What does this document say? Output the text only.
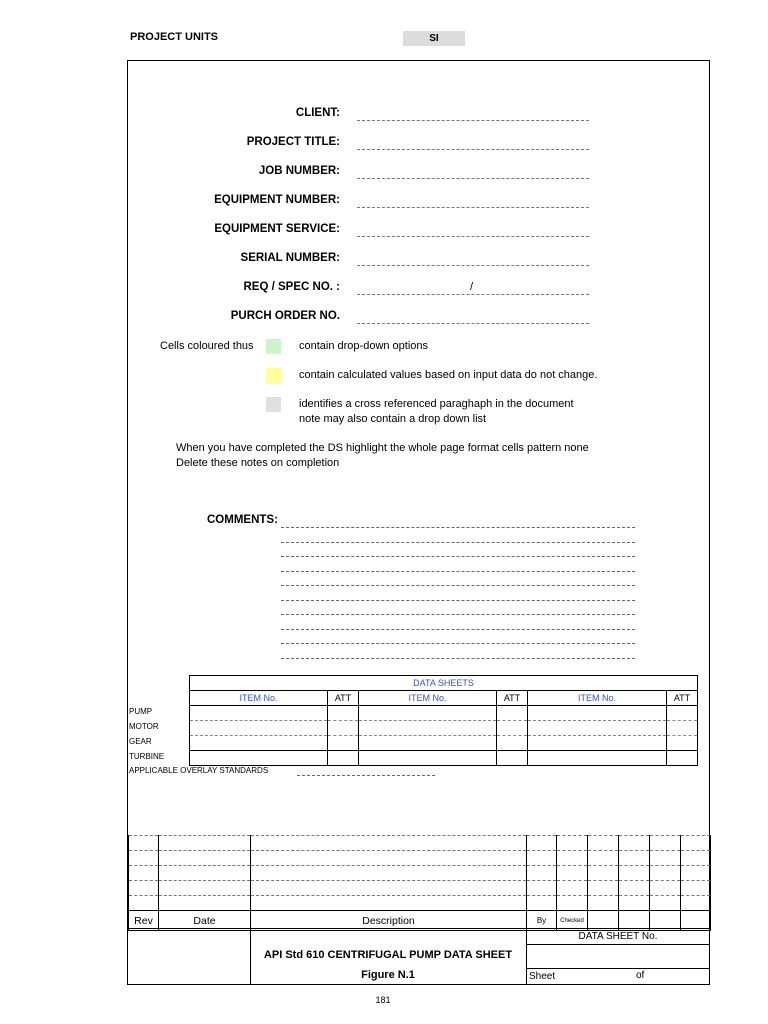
PROJECT UNITS	SI
CLIENT:
PROJECT TITLE:
JOB NUMBER:
EQUIPMENT NUMBER:
EQUIPMENT SERVICE:
SERIAL NUMBER:
REQ / SPEC NO. :	/
PURCH ORDER NO.
Cells coloured thus	contain drop-down options
contain calculated values based on input data do not change.
identifies a cross referenced paraghaph in the document
note may also contain a drop down list
When you have completed the DS highlight the whole page format cells pattern none
Delete these notes on completion
COMMENTS:
DATA SHEETS					
ITEM No.	ATT	ITEM No.	ATT	ITEM No.	ATT

PUMP
MOTOR
GEAR
TURBINE
APPLICABLE OVERLAY STANDARDS

Rev	Date	Description	By	Checked				
DATA SHEET No.
API Std 610 CENTRIFUGAL PUMP DATA SHEET
Figure N.1	Sheet	of
181
